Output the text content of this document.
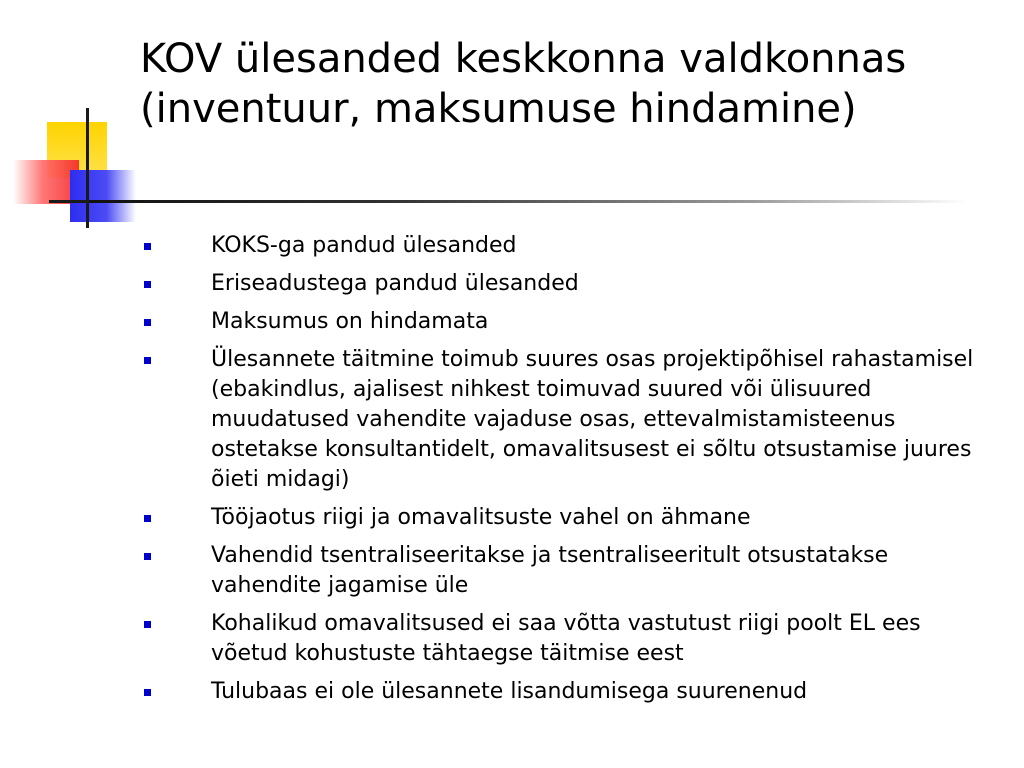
KOV ülesanded keskkonna valdkonnas
(inventuur, maksumuse hindamine)
KOKS-ga pandud ülesanded
Eriseadustega pandud ülesanded
Maksumus on hindamata
Ülesannete täitmine toimub suures osas projektipõhisel rahastamisel (ebakindlus, ajalisest nihkest toimuvad suured või ülisuured muudatused vahendite vajaduse osas, ettevalmistamisteenus ostetakse konsultantidelt, omavalitsusest ei sõltu otsustamise juures õieti midagi)
Tööjaotus riigi ja omavalitsuste vahel on ähmane
Vahendid tsentraliseeritakse ja tsentraliseeritult otsustatakse vahendite jagamise üle
Kohalikud omavalitsused ei saa võtta vastutust riigi poolt EL ees võetud kohustuste tähtaegse täitmise eest
Tulubaas ei ole ülesannete lisandumisega suurenenud
